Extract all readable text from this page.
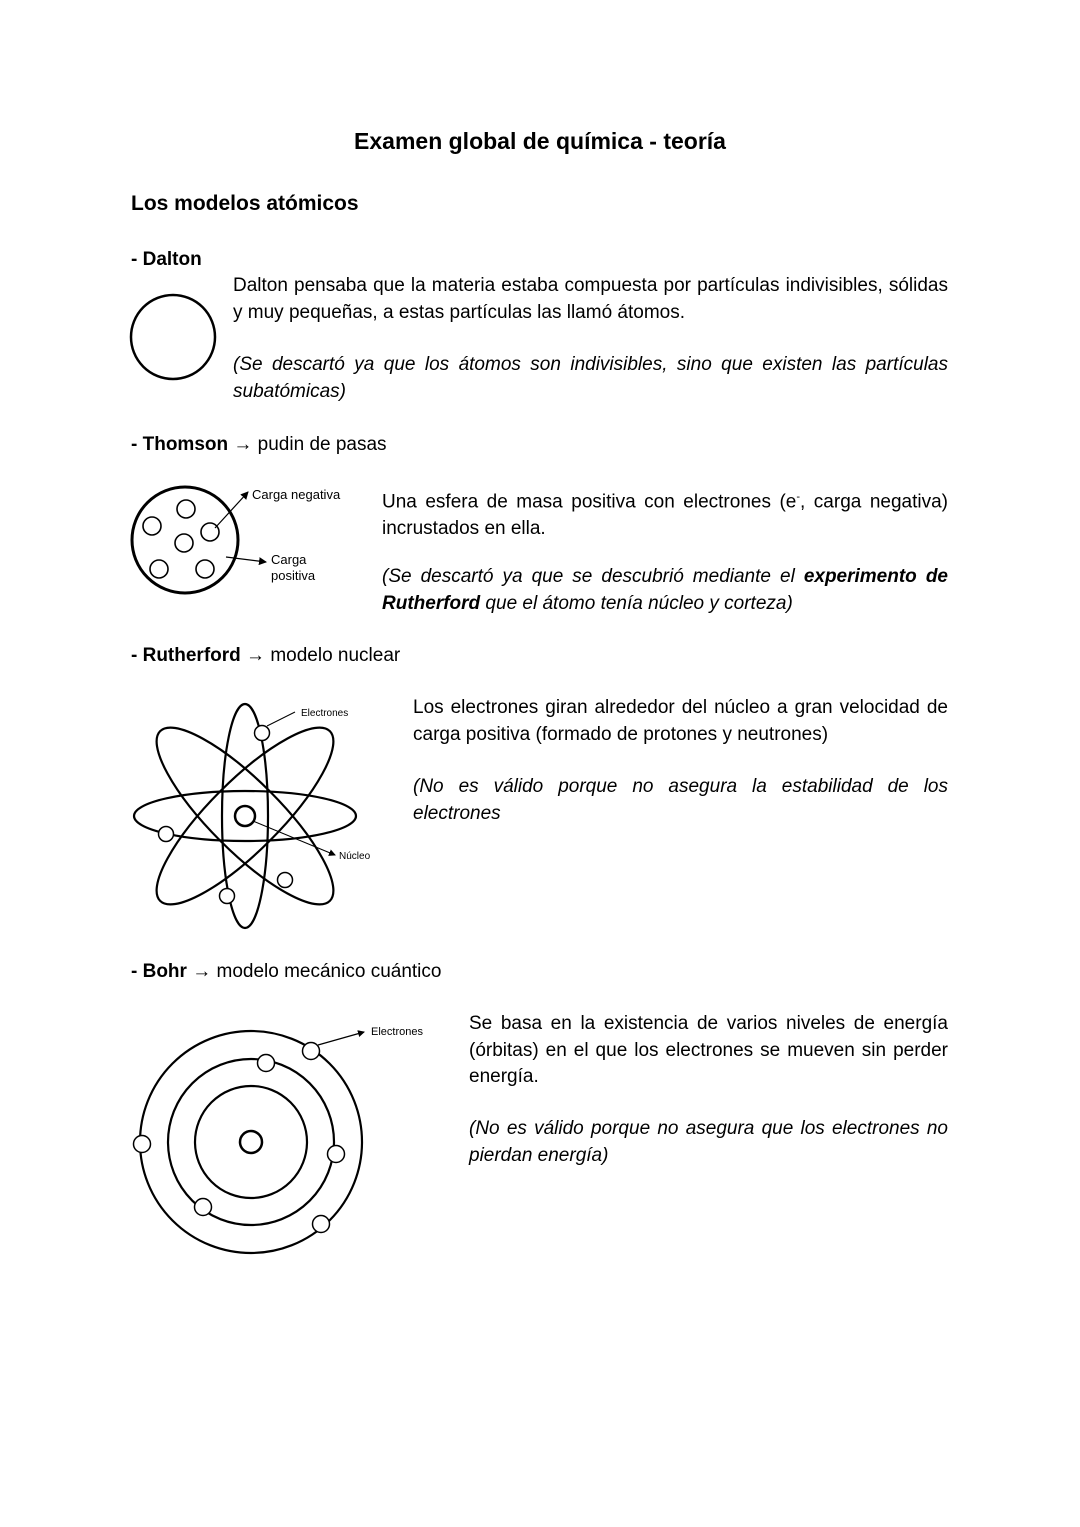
Examen global de química - teoría
Los modelos atómicos
- Dalton
Dalton pensaba que la materia estaba compuesta por partículas indivisibles, sólidas y muy pequeñas, a estas partículas las llamó átomos.
(Se descartó ya que los átomos son indivisibles, sino que existen las partículas subatómicas)
- Thomson → pudin de pasas
Carga negativa
Carga
positiva
Una esfera de masa positiva con electrones (e-, carga negativa) incrustados en ella.
(Se descartó ya que se descubrió mediante el experimento de Rutherford que el átomo tenía núcleo y corteza)
- Rutherford → modelo nuclear
Electrones
Núcleo
Los electrones giran alrededor del núcleo a gran velocidad de carga positiva (formado de protones y neutrones)
(No es válido porque no asegura la estabilidad de los electrones
- Bohr → modelo mecánico cuántico
Electrones Se basa en la existencia de varios niveles de energía (órbitas) en el que los electrones se mueven sin perder energía.
(No es válido porque no asegura que los electrones no pierdan energía)
